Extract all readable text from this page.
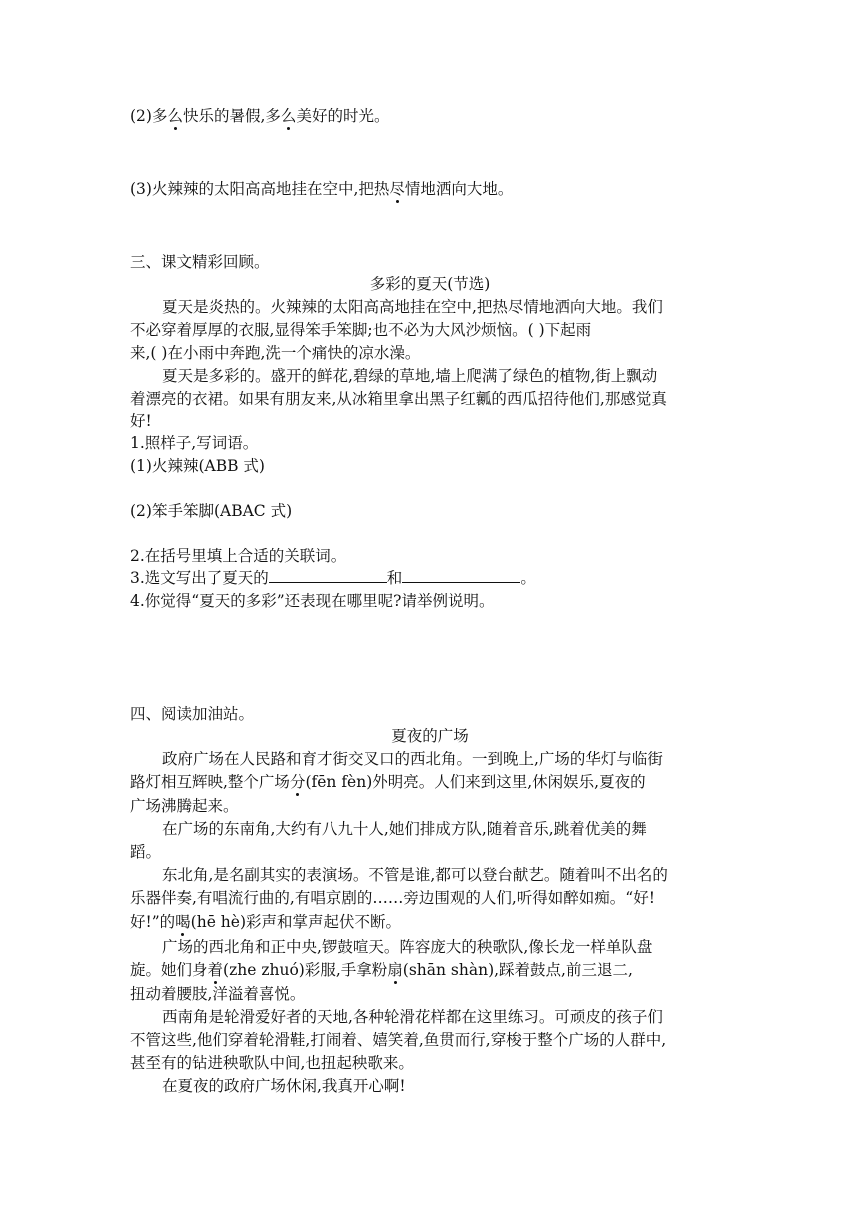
(2)多么快乐的暑假,多么美好的时光。
(3)火辣辣的太阳高高地挂在空中,把热尽情地洒向大地。
三、课文精彩回顾。
多彩的夏天(节选)
夏天是炎热的。火辣辣的太阳高高地挂在空中,把热尽情地洒向大地。我们
不必穿着厚厚的衣服,显得笨手笨脚;也不必为大风沙烦恼。( )下起雨
来,( )在小雨中奔跑,洗一个痛快的凉水澡。
夏天是多彩的。盛开的鲜花,碧绿的草地,墙上爬满了绿色的植物,街上飘动
着漂亮的衣裙。如果有朋友来,从冰箱里拿出黑子红瓤的西瓜招待他们,那感觉真
好!
1.照样子,写词语。
(1)火辣辣(ABB 式)
(2)笨手笨脚(ABAC 式)
2.在括号里填上合适的关联词。
3.选文写出了夏天的	和	。
4.你觉得“夏天的多彩”还表现在哪里呢?请举例说明。
四、阅读加油站。
夏夜的广场
政府广场在人民路和育才街交叉口的西北角。一到晚上,广场的华灯与临街
路灯相互辉映,整个广场分(fēn fèn)外明亮。人们来到这里,休闲娱乐,夏夜的
广场沸腾起来。
在广场的东南角,大约有八九十人,她们排成方队,随着音乐,跳着优美的舞
蹈。
东北角,是名副其实的表演场。不管是谁,都可以登台献艺。随着叫不出名的
乐器伴奏,有唱流行曲的,有唱京剧的……旁边围观的人们,听得如醉如痴。“好!
好!”的喝(hē hè)彩声和掌声起伏不断。
广场的西北角和正中央,锣鼓喧天。阵容庞大的秧歌队,像长龙一样单队盘
旋。她们身着(zhe zhuó)彩服,手拿粉扇(shān shàn),踩着鼓点,前三退二,
扭动着腰肢,洋溢着喜悦。
西南角是轮滑爱好者的天地,各种轮滑花样都在这里练习。可顽皮的孩子们
不管这些,他们穿着轮滑鞋,打闹着、嬉笑着,鱼贯而行,穿梭于整个广场的人群中,
甚至有的钻进秧歌队中间,也扭起秧歌来。
在夏夜的政府广场休闲,我真开心啊!
